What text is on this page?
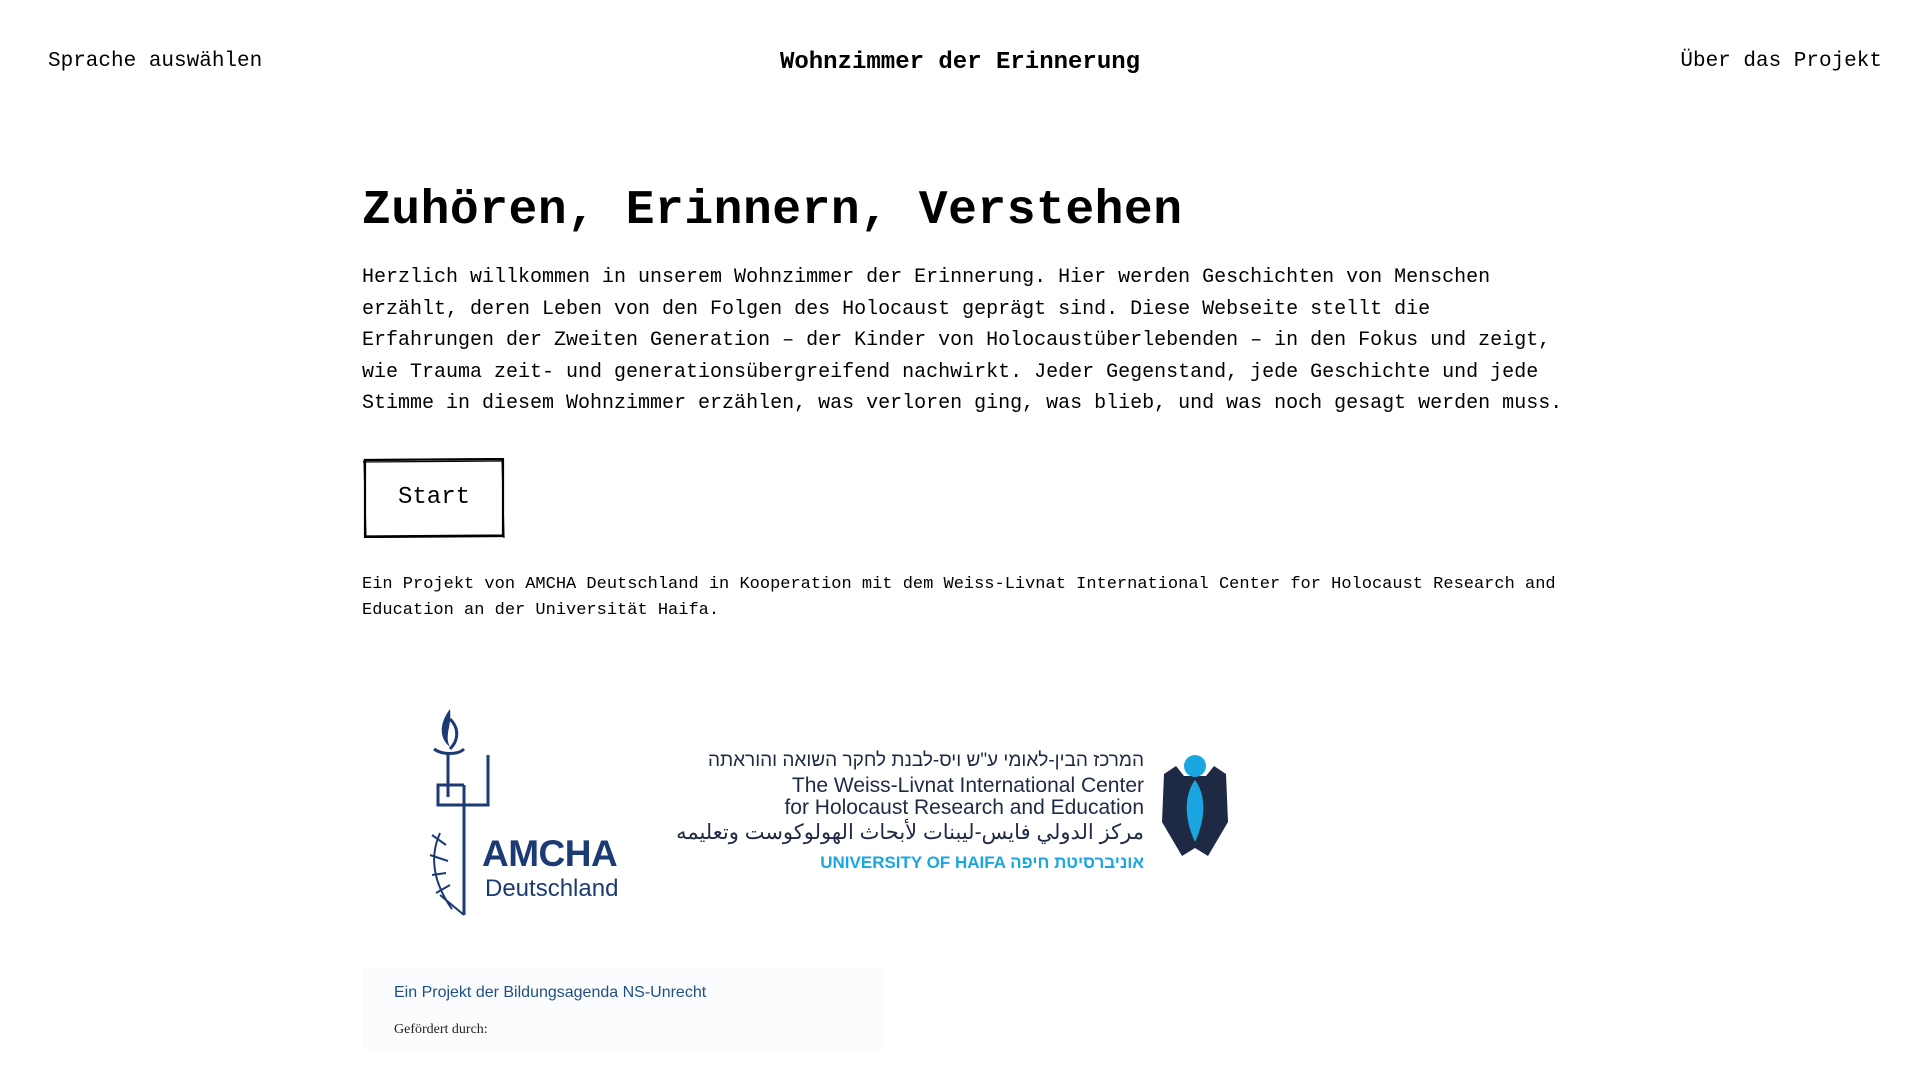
Sprache auswählen	Wohnzimmer der Erinnerung	Über das Projekt
Zuhören, Erinnern, Verstehen

Herzlich willkommen in unserem Wohnzimmer der Erinnerung. Hier werden Geschichten von Menschen erzählt, deren Leben von den Folgen des Holocaust geprägt sind. Diese Webseite stellt die Erfahrungen der Zweiten Generation – der Kinder von Holocaustüberlebenden – in den Fokus und zeigt, wie Trauma zeit- und generationsübergreifend nachwirkt. Jeder Gegenstand, jede Geschichte und jede Stimme in diesem Wohnzimmer erzählen, was verloren ging, was blieb, und was noch gesagt werden muss.

Start

Ein Projekt von AMCHA Deutschland in Kooperation mit dem Weiss-Livnat International Center for Holocaust Research and Education an der Universität Haifa.

AMCHA
Deutschland
המרכז הבין-לאומי ע"ש ויס-לבנת לחקר השואה והוראתה
The Weiss-Livnat International Center
for Holocaust Research and Education
مركز الدولي فايس-ليبنات لأبحاث الهولوكوست وتعليمه
UNIVERSITY OF HAIFA אוניברסיטת חיפה
Ein Projekt der Bildungsagenda NS-Unrecht
Gefördert durch:
